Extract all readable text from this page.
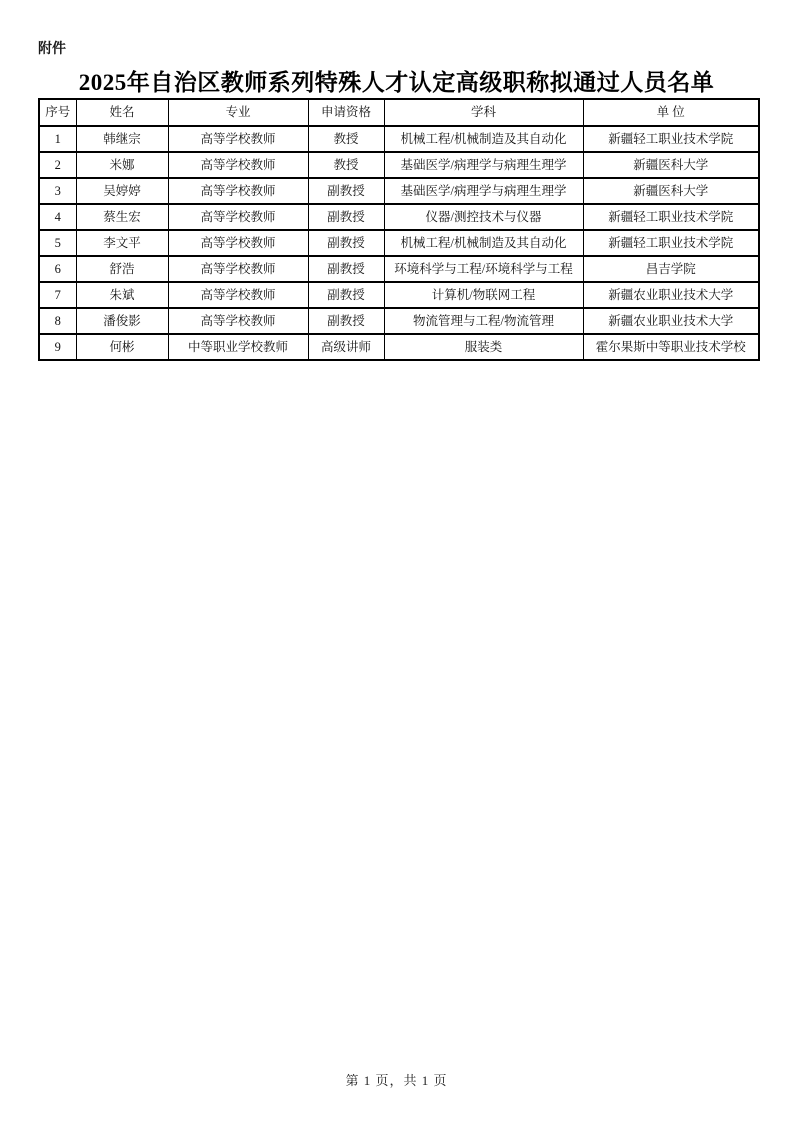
附件
2025年自治区教师系列特殊人才认定高级职称拟通过人员名单
序号	姓名	专业	申请资格	学科	单 位
1	韩继宗	高等学校教师	教授	机械工程/机械制造及其自动化	新疆轻工职业技术学院
2	米娜	高等学校教师	教授	基础医学/病理学与病理生理学	新疆医科大学
3	吴婷婷	高等学校教师	副教授	基础医学/病理学与病理生理学	新疆医科大学
4	蔡生宏	高等学校教师	副教授	仪器/测控技术与仪器	新疆轻工职业技术学院
5	李文平	高等学校教师	副教授	机械工程/机械制造及其自动化	新疆轻工职业技术学院
6	舒浩	高等学校教师	副教授	环境科学与工程/环境科学与工程	昌吉学院
7	朱斌	高等学校教师	副教授	计算机/物联网工程	新疆农业职业技术大学
8	潘俊影	高等学校教师	副教授	物流管理与工程/物流管理	新疆农业职业技术大学
9	何彬	中等职业学校教师	高级讲师	服装类	霍尔果斯中等职业技术学校
第 1 页，共 1 页
